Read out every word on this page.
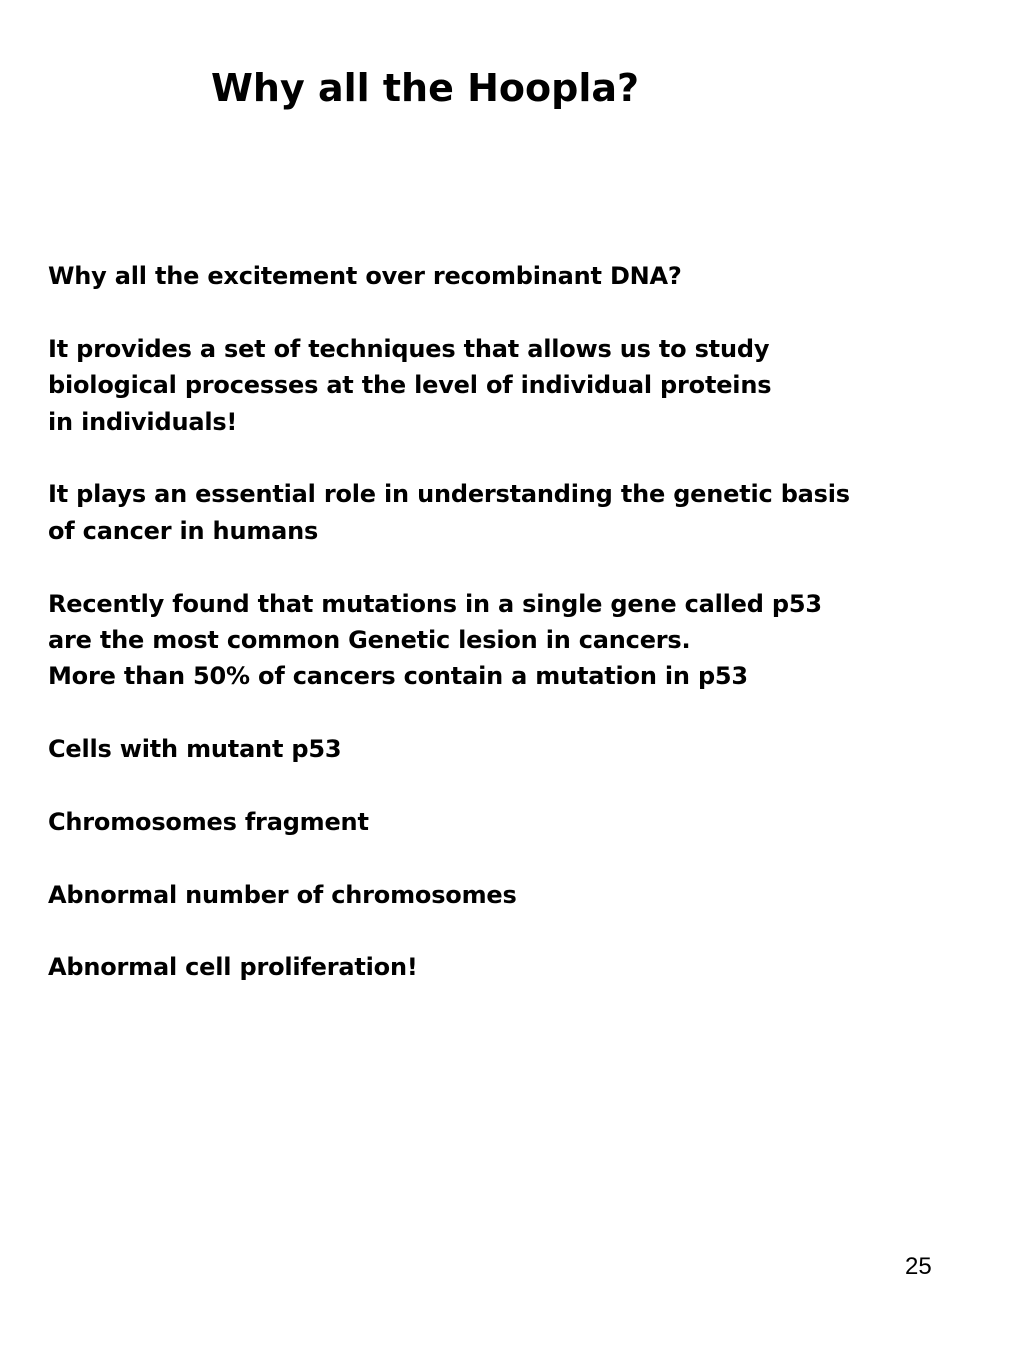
Why all the Hoopla?
Why all the excitement over recombinant DNA?
It provides a set of techniques that allows us to study
biological processes at the level of individual proteins
in individuals!
It plays an essential role in understanding the genetic basis
of cancer in humans
Recently found that mutations in a single gene called p53
are the most common Genetic lesion in cancers.
More than 50% of cancers contain a mutation in p53
Cells with mutant p53
Chromosomes fragment
Abnormal number of chromosomes
Abnormal cell proliferation!
25
